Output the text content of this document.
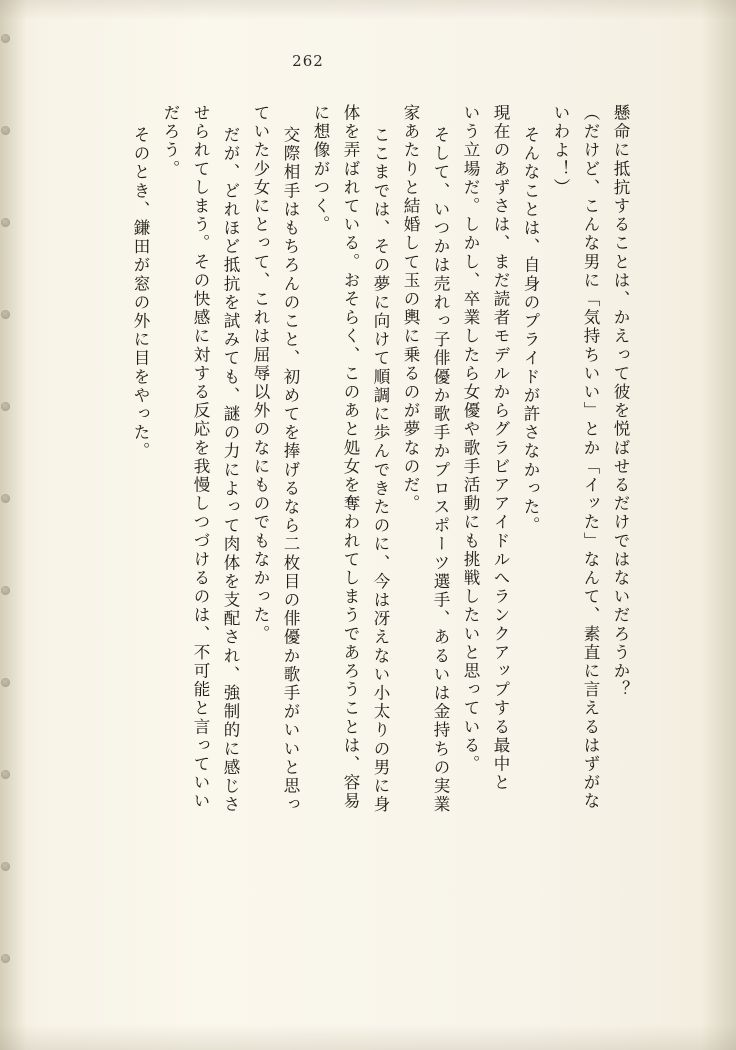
262
懸命に抵抗することは、かえって彼を悦ばせるだけではないだろうか？
（だけど、こんな男に「気持ちいい」とか「イッた」なんて、素直に言えるはずがな
いわよ！）
そんなことは、自身のプライドが許さなかった。
現在のあずさは、まだ読者モデルからグラビアアイドルへランクアップする最中と
いう立場だ。しかし、卒業したら女優や歌手活動にも挑戦したいと思っている。
そして、いつかは売れっ子俳優か歌手かプロスポーツ選手、あるいは金持ちの実業
家あたりと結婚して玉の輿に乗るのが夢なのだ。
ここまでは、その夢に向けて順調に歩んできたのに、今は冴えない小太りの男に身
体を弄ばれている。おそらく、このあと処女を奪われてしまうであろうことは、容易
に想像がつく。
交際相手はもちろんのこと、初めてを捧げるなら二枚目の俳優か歌手がいいと思っ
ていた少女にとって、これは屈辱以外のなにものでもなかった。
だが、どれほど抵抗を試みても、謎の力によって肉体を支配され、強制的に感じさ
せられてしまう。その快感に対する反応を我慢しつづけるのは、不可能と言っていい
だろう。
そのとき、鎌田が窓の外に目をやった。
